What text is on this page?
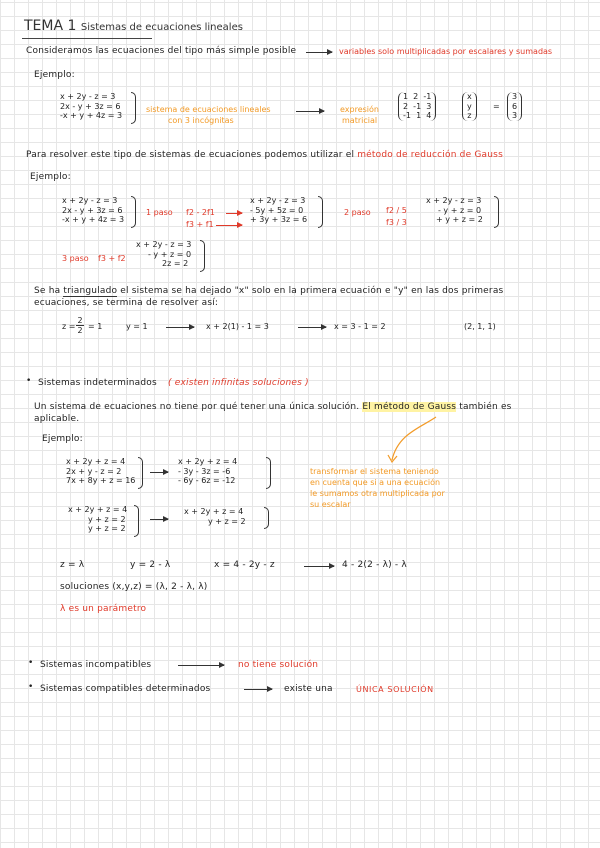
TEMA 1 Sistemas de ecuaciones lineales
Consideramos las ecuaciones del tipo más simple posible	variables solo multiplicadas por escalares y sumadas
Ejemplo:
x + 2y - z = 3
2x - y + 3z = 6
-x + y + 4z = 3
sistema de ecuaciones lineales
con 3 incógnitas
expresión
matricial
1  2  -1
2  -1  3
-1  1  4
x
y
z
=
3
6
3
Para resolver este tipo de sistemas de ecuaciones podemos utilizar el método de reducción de Gauss
Ejemplo:
x + 2y - z = 3
2x - y + 3z = 6
-x + y + 4z = 3
1 paso f2 - 2f1
f3 + f1
x + 2y - z = 3
- 5y + 5z = 0
+ 3y + 3z = 6
2 paso f2 / 5
f3 / 3
x + 2y - z = 3
- y + z = 0
+ y + z = 2
3 paso f3 + f2
x + 2y - z = 3
- y + z = 0
2z = 2
Se ha triangulado el sistema se ha dejado "x" solo en la primera ecuación e "y" en las dos primeras
ecuaciones, se termina de resolver así:
$z = \frac{2}{2} = 1$	y = 1	x + 2(1) - 1 = 3	x = 3 - 1 = 2	(2, 1, 1)
• Sistemas indeterminados ( existen infinitas soluciones )
Un sistema de ecuaciones no tiene por qué tener una única solución. El método de Gauss también es
aplicable.
Ejemplo:
x + 2y + z = 4
2x + y - z = 2
7x + 8y + z = 16
x + 2y + z = 4
- 3y - 3z = -6
- 6y - 6z = -12
x + 2y + z = 4
y + z = 2
y + z = 2
x + 2y + z = 4
y + z = 2
transformar el sistema teniendo
en cuenta que si a una ecuación
le sumamos otra multiplicada por
su escalar
z = λ	y = 2 - λ	x = 4 - 2y - z	4 - 2(2 - λ) - λ
soluciones (x,y,z) = (λ, 2 - λ, λ)
λ es un parámetro
• Sistemas incompatibles	no tiene solución
• Sistemas compatibles determinados	existe una	ÚNICA SOLUCIÓN
